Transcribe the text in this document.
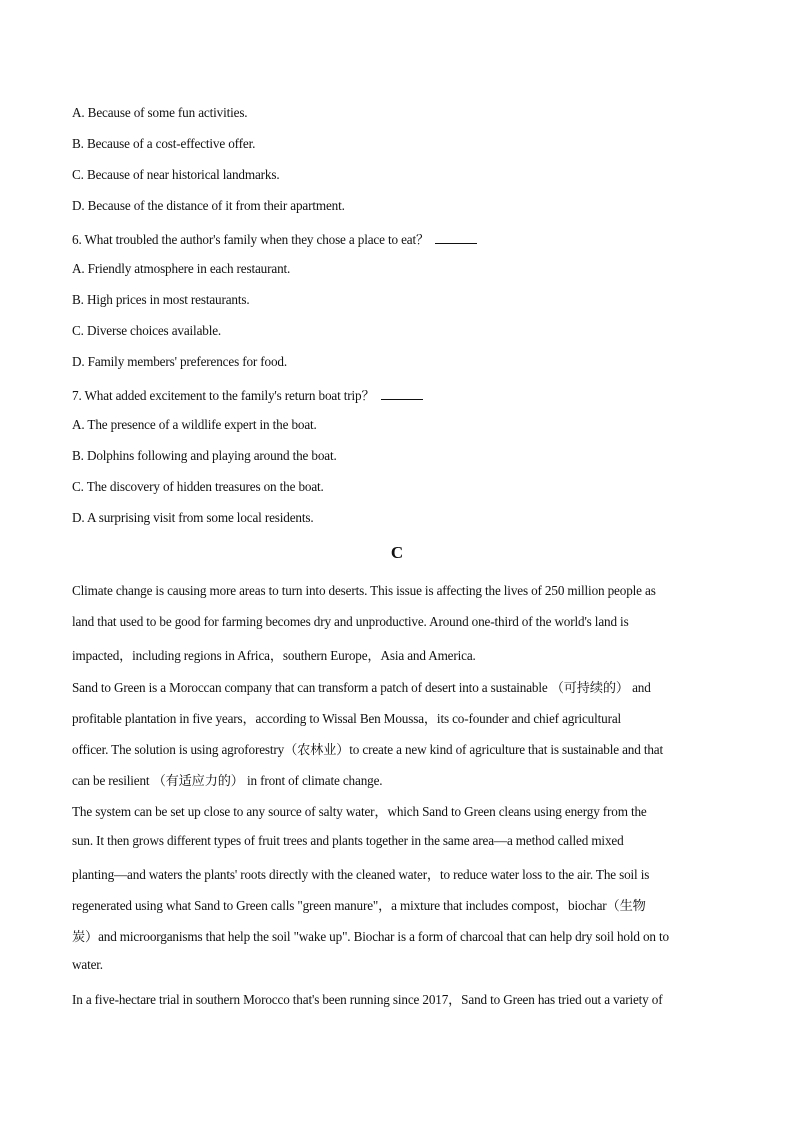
A. Because of some fun activities.
B. Because of a cost-effective offer.
C. Because of near historical landmarks.
D. Because of the distance of it from their apartment.
6. What troubled the author's family when they chose a place to eat？
A. Friendly atmosphere in each restaurant.
B. High prices in most restaurants.
C. Diverse choices available.
D. Family members' preferences for food.
7. What added excitement to the family's return boat trip？
A. The presence of a wildlife expert in the boat.
B. Dolphins following and playing around the boat.
C. The discovery of hidden treasures on the boat.
D. A surprising visit from some local residents.
C
Climate change is causing more areas to turn into deserts. This issue is affecting the lives of 250 million people as
land that used to be good for farming becomes dry and unproductive. Around one-third of the world's land is
impacted，including regions in Africa，southern Europe，Asia and America.
Sand to Green is a Moroccan company that can transform a patch of desert into a sustainable （可持续的） and
profitable plantation in five years，according to Wissal Ben Moussa，its co-founder and chief agricultural
officer. The solution is using agroforestry（农林业）to create a new kind of agriculture that is sustainable and that
can be resilient （有适应力的） in front of climate change.
The system can be set up close to any source of salty water，which Sand to Green cleans using energy from the
sun. It then grows different types of fruit trees and plants together in the same area—a method called mixed
planting—and waters the plants' roots directly with the cleaned water，to reduce water loss to the air. The soil is
regenerated using what Sand to Green calls "green manure"，a mixture that includes compost，biochar（生物
炭）and microorganisms that help the soil "wake up". Biochar is a form of charcoal that can help dry soil hold on to
water.
In a five-hectare trial in southern Morocco that's been running since 2017，Sand to Green has tried out a variety of
